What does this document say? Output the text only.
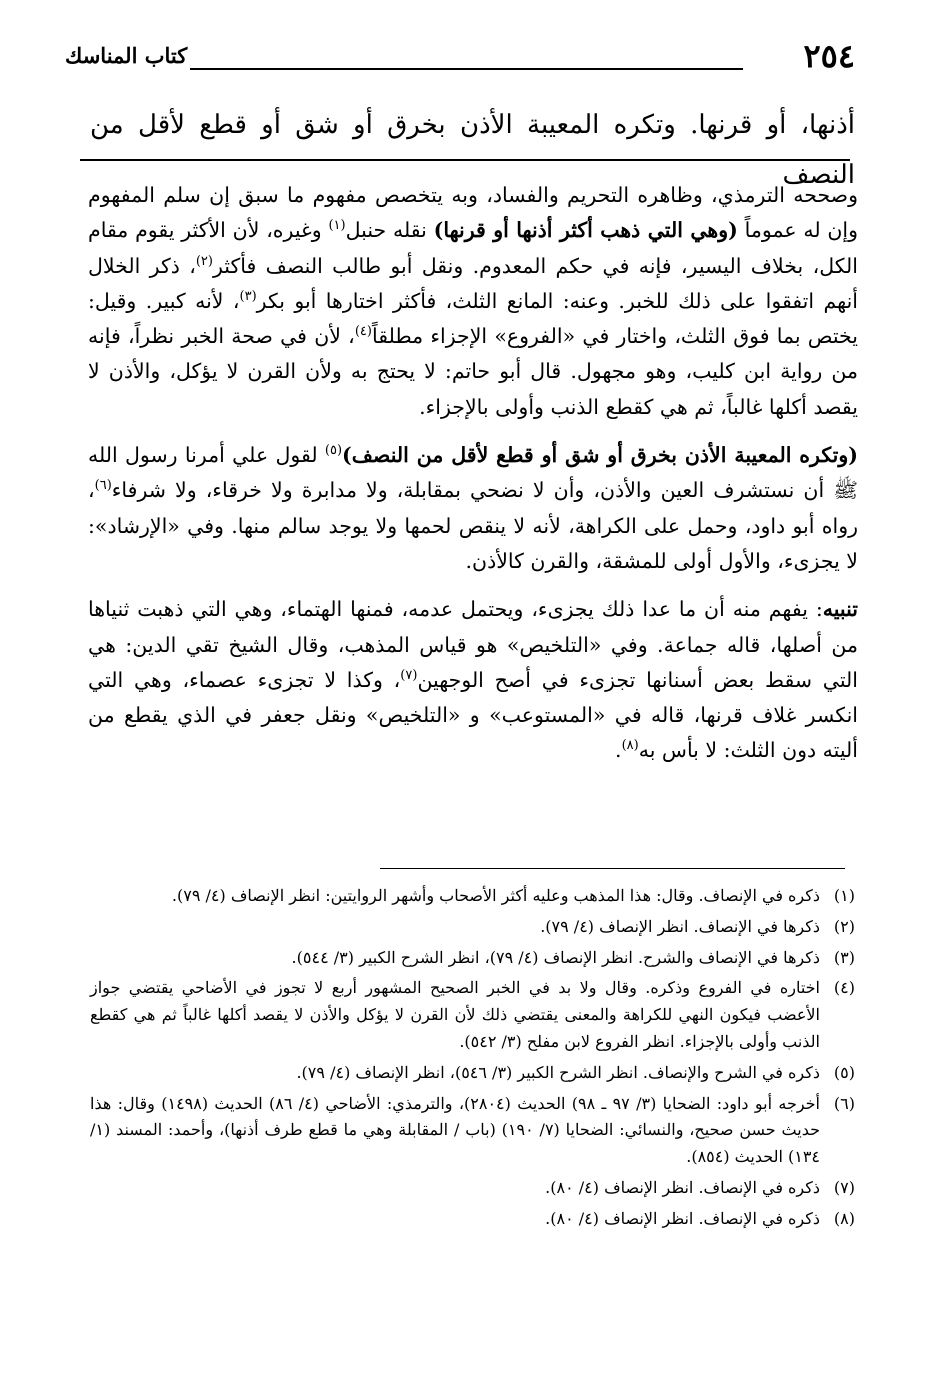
٢٥٤
كتاب المناسك
أذنها، أو قرنها. وتكره المعيبة الأذن بخرق أو شق أو قطع لأقل من النصف

وصححه الترمذي، وظاهره التحريم والفساد، وبه يتخصص مفهوم ما سبق إن سلم المفهوم وإن له عموماً (وهي التي ذهب أكثر أذنها أو قرنها) نقله حنبل$^{(١)}$ وغيره، لأن الأكثر يقوم مقام الكل، بخلاف اليسير، فإنه في حكم المعدوم. ونقل أبو طالب النصف فأكثر$^{(٢)}$، ذكر الخلال أنهم اتفقوا على ذلك للخبر. وعنه: المانع الثلث، فأكثر اختارها أبو بكر$^{(٣)}$، لأنه كبير. وقيل: يختص بما فوق الثلث، واختار في «الفروع» الإجزاء مطلقاً$^{(٤)}$، لأن في صحة الخبر نظراً، فإنه من رواية ابن كليب، وهو مجهول. قال أبو حاتم: لا يحتج به ولأن القرن لا يؤكل، والأذن لا يقصد أكلها غالباً، ثم هي كقطع الذنب وأولى بالإجزاء.

(وتكره المعيبة الأذن بخرق أو شق أو قطع لأقل من النصف)$^{(٥)}$ لقول علي أمرنا رسول الله ﷺ أن نستشرف العين والأذن، وأن لا نضحي بمقابلة، ولا مدابرة ولا خرقاء، ولا شرفاء$^{(٦)}$، رواه أبو داود، وحمل على الكراهة، لأنه لا ينقص لحمها ولا يوجد سالم منها. وفي «الإرشاد»: لا يجزىء، والأول أولى للمشقة، والقرن كالأذن.

تنبيه: يفهم منه أن ما عدا ذلك يجزىء، ويحتمل عدمه، فمنها الهتماء، وهي التي ذهبت ثنياها من أصلها، قاله جماعة. وفي «التلخيص» هو قياس المذهب، وقال الشيخ تقي الدين: هي التي سقط بعض أسنانها تجزىء في أصح الوجهين$^{(٧)}$، وكذا لا تجزىء عصماء، وهي التي انكسر غلاف قرنها، قاله في «المستوعب» و «التلخيص» ونقل جعفر في الذي يقطع من أليته دون الثلث: لا بأس به$^{(٨)}$.

(١)
ذكره في الإنصاف. وقال: هذا المذهب وعليه أكثر الأصحاب وأشهر الروايتين: انظر الإنصاف (٤/ ٧٩).
(٢)
ذكرها في الإنصاف. انظر الإنصاف (٤/ ٧٩).
(٣)
ذكرها في الإنصاف والشرح. انظر الإنصاف (٤/ ٧٩)، انظر الشرح الكبير (٣/ ٥٤٤).
(٤)
اختاره في الفروع وذكره. وقال ولا بد في الخبر الصحيح المشهور أربع لا تجوز في الأضاحي يقتضي جواز الأعضب فيكون النهي للكراهة والمعنى يقتضي ذلك لأن القرن لا يؤكل والأذن لا يقصد أكلها غالباً ثم هي كقطع الذنب وأولى بالإجزاء. انظر الفروع لابن مفلح (٣/ ٥٤٢).
(٥)
ذكره في الشرح والإنصاف. انظر الشرح الكبير (٣/ ٥٤٦)، انظر الإنصاف (٤/ ٧٩).
(٦)
أخرجه أبو داود: الضحايا (٣/ ٩٧ ـ ٩٨) الحديث (٢٨٠٤)، والترمذي: الأضاحي (٤/ ٨٦) الحديث (١٤٩٨) وقال: هذا حديث حسن صحيح، والنسائي: الضحايا (٧/ ١٩٠) (باب / المقابلة وهي ما قطع طرف أذنها)، وأحمد: المسند (١/ ١٣٤) الحديث (٨٥٤).
(٧)
ذكره في الإنصاف. انظر الإنصاف (٤/ ٨٠).
(٨)
ذكره في الإنصاف. انظر الإنصاف (٤/ ٨٠).
